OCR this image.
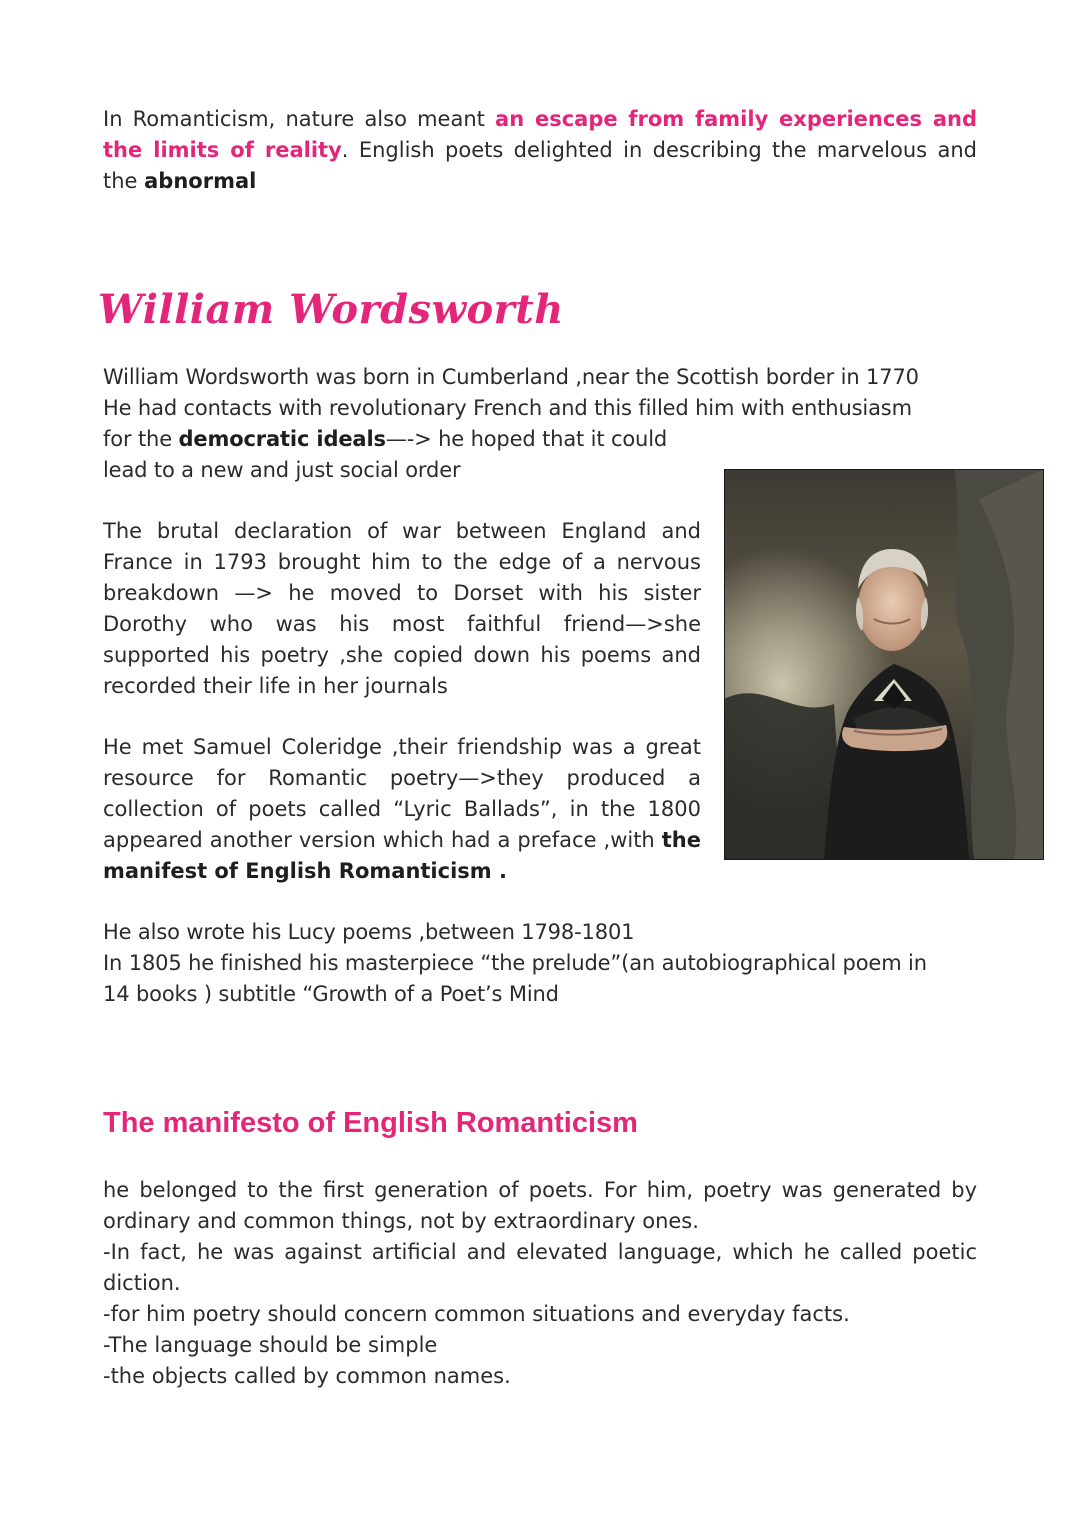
In Romanticism, nature also meant an escape from family experiences and the limits of reality. English poets delighted in describing the marvelous and the abnormal

William Wordsworth

William Wordsworth was born in Cumberland ,near the Scottish border in 1770
He had contacts with revolutionary French and this filled him with enthusiasm
for the democratic ideals—-> he hoped that it could
lead to a new and just social order

The brutal declaration of war between England and France in 1793 brought him to the edge of a nervous breakdown —> he moved to Dorset with his sister Dorothy who was his most faithful friend—>she supported his poetry ,she copied down his poems and recorded their life in her journals

He met Samuel Coleridge ,their friendship was a great resource for Romantic poetry—>they produced a collection of poets called “Lyric Ballads”, in the 1800 appeared another version which had a preface ,with the manifest of English Romanticism .

He also wrote his Lucy poems ,between 1798-1801
In 1805 he finished his masterpiece “the prelude”(an autobiographical poem in
14 books ) subtitle “Growth of a Poet’s Mind

The manifesto of English Romanticism
he belonged to the first generation of poets. For him, poetry was generated by ordinary and common things, not by extraordinary ones.
-In fact, he was against artificial and elevated language, which he called poetic diction.
-for him poetry should concern common situations and everyday facts.
-The language should be simple
-the objects called by common names.
